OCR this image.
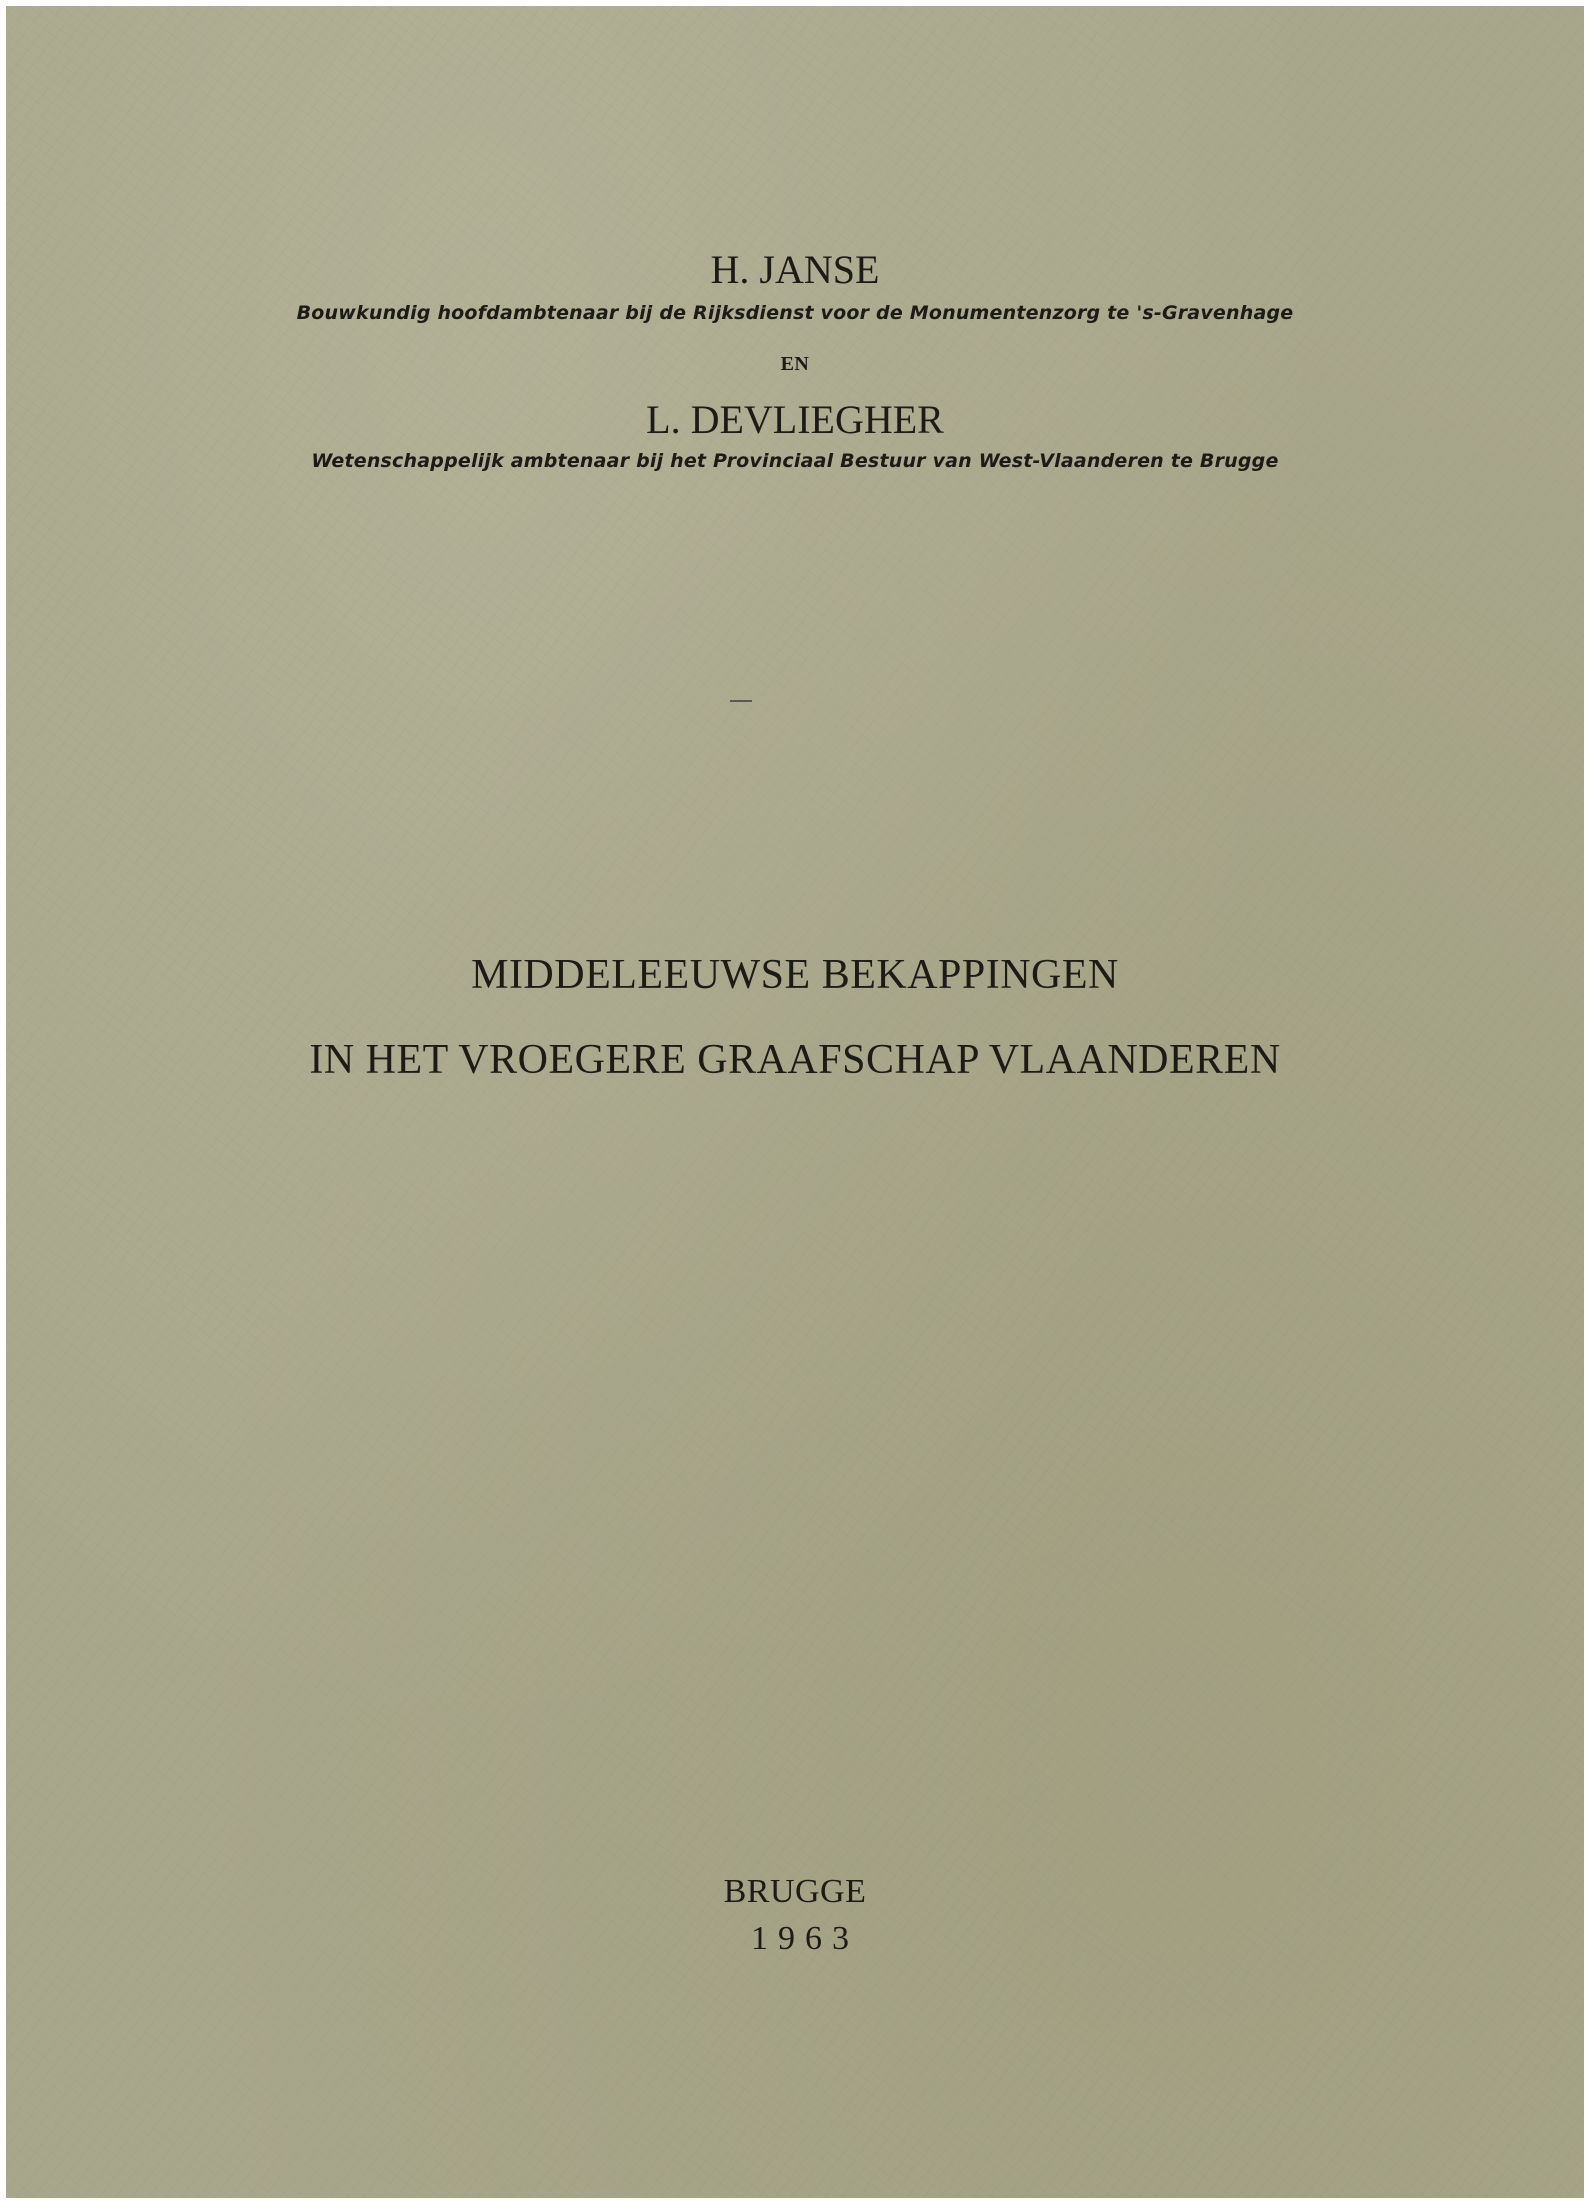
H. JANSE
Bouwkundig hoofdambtenaar bij de Rijksdienst voor de Monumentenzorg te 's-Gravenhage
EN
L. DEVLIEGHER
Wetenschappelijk ambtenaar bij het Provinciaal Bestuur van West-Vlaanderen te Brugge
MIDDELEEUWSE BEKAPPINGEN
IN HET VROEGERE GRAAFSCHAP VLAANDEREN
BRUGGE
1963
